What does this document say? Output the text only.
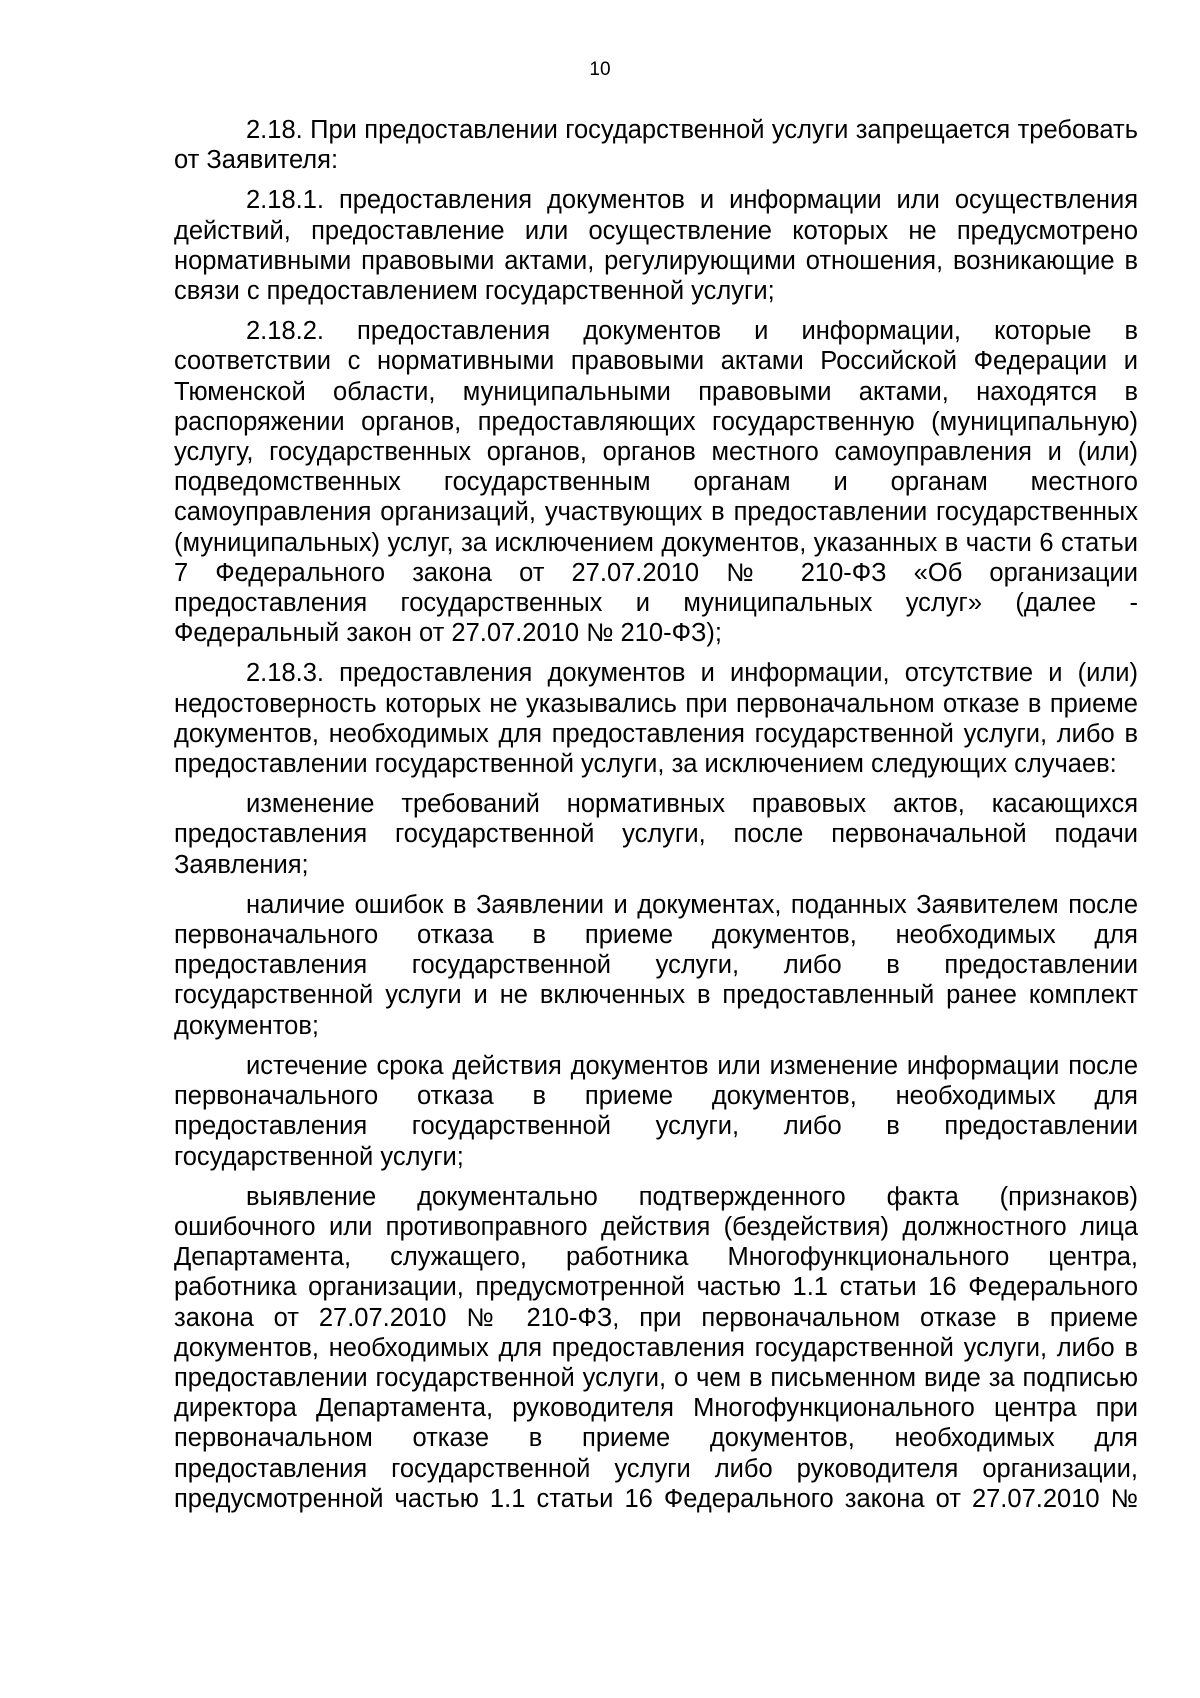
10

2.18. При предоставлении государственной услуги запрещается требовать от Заявителя:

2.18.1. предоставления документов и информации или осуществления действий, предоставление или осуществление которых не предусмотрено нормативными правовыми актами, регулирующими отношения, возникающие в связи с предоставлением государственной услуги;

2.18.2. предоставления документов и информации, которые в соответствии с нормативными правовыми актами Российской Федерации и Тюменской области, муниципальными правовыми актами, находятся в распоряжении органов, предоставляющих государственную (муниципальную) услугу, государственных органов, органов местного самоуправления и (или) подведомственных государственным органам и органам местного самоуправления организаций, участвующих в предоставлении государственных (муниципальных) услуг, за исключением документов, указанных в части 6 статьи 7 Федерального закона от 27.07.2010 № 210-ФЗ «Об организации предоставления государственных и муниципальных услуг» (далее - Федеральный закон от 27.07.2010 № 210-ФЗ);

2.18.3. предоставления документов и информации, отсутствие и (или) недостоверность которых не указывались при первоначальном отказе в приеме документов, необходимых для предоставления государственной услуги, либо в предоставлении государственной услуги, за исключением следующих случаев:

изменение требований нормативных правовых актов, касающихся предоставления государственной услуги, после первоначальной подачи Заявления;

наличие ошибок в Заявлении и документах, поданных Заявителем после первоначального отказа в приеме документов, необходимых для предоставления государственной услуги, либо в предоставлении государственной услуги и не включенных в предоставленный ранее комплект документов;

истечение срока действия документов или изменение информации после первоначального отказа в приеме документов, необходимых для предоставления государственной услуги, либо в предоставлении государственной услуги;

выявление документально подтвержденного факта (признаков) ошибочного или противоправного действия (бездействия) должностного лица Департамента, служащего, работника Многофункционального центра, работника организации, предусмотренной частью 1.1 статьи 16 Федерального закона от 27.07.2010 № 210-ФЗ, при первоначальном отказе в приеме документов, необходимых для предоставления государственной услуги, либо в предоставлении государственной услуги, о чем в письменном виде за подписью директора Департамента, руководителя Многофункционального центра при первоначальном отказе в приеме документов, необходимых для предоставления государственной услуги либо руководителя организации, предусмотренной частью 1.1 статьи 16 Федерального закона от 27.07.2010 №
